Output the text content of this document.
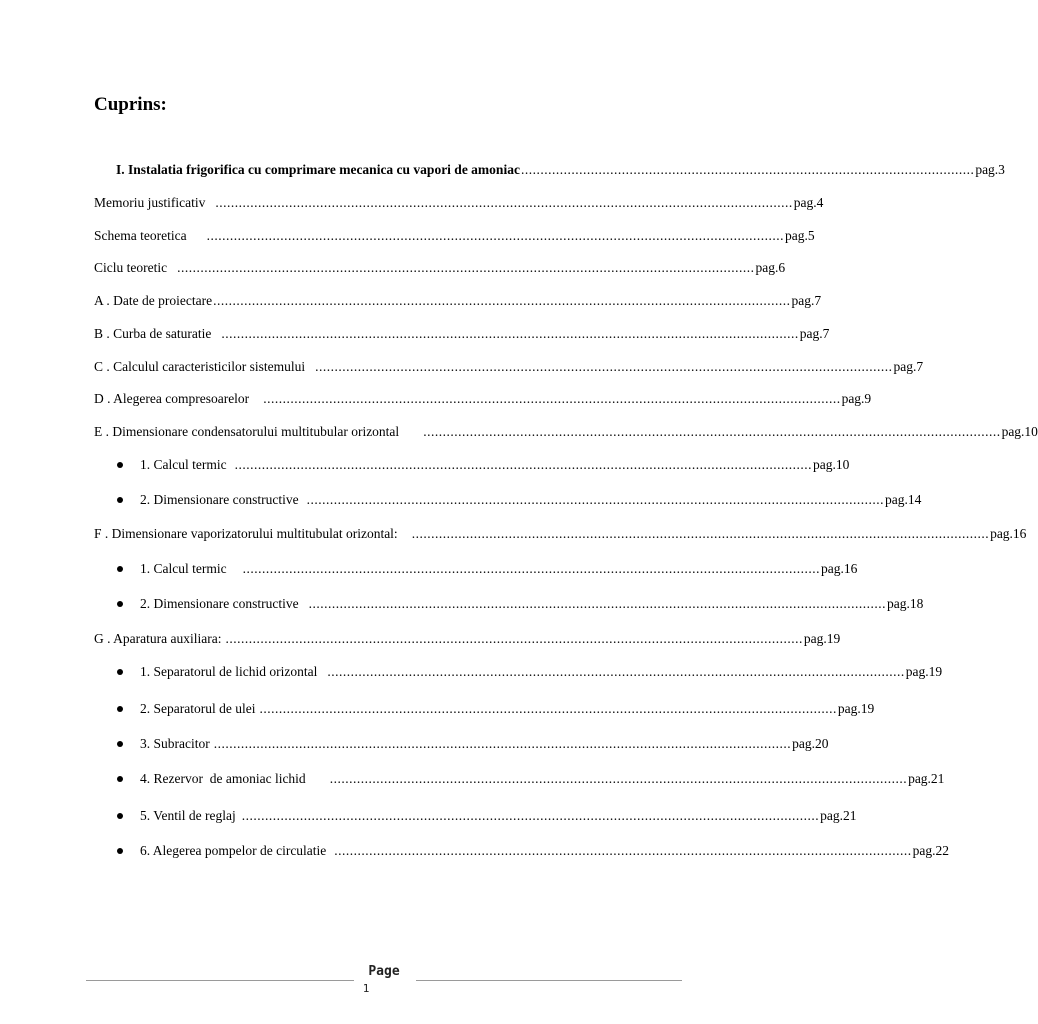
Cuprins:
I. Instalatia frigorifica cu comprimare mecanica cu vapori de amoniac ..................................................................................................................... pag.3
Memoriu justificativ ..................................................................................................................................................... pag.4
Schema teoretica ..................................................................................................................................................... pag.5
Ciclu teoretic ..................................................................................................................................................... pag.6
A . Date de proiectare ..................................................................................................................................................... pag.7
B . Curba de saturatie ..................................................................................................................................................... pag.7
C . Calculul caracteristicilor sistemului ..................................................................................................................................................... pag.7
D . Alegerea compresoarelor ..................................................................................................................................................... pag.9
E . Dimensionare condensatorului multitubular orizontal ..................................................................................................................................................... pag.10
1. Calcul termic ..................................................................................................................................................... pag.10
2. Dimensionare constructive ..................................................................................................................................................... pag.14
F . Dimensionare vaporizatorului multitubulat orizontal: ..................................................................................................................................................... pag.16
1. Calcul termic ..................................................................................................................................................... pag.16
2. Dimensionare constructive ..................................................................................................................................................... pag.18
G . Aparatura auxiliara: ..................................................................................................................................................... pag.19
1. Separatorul de lichid orizontal ..................................................................................................................................................... pag.19
2. Separatorul de ulei ..................................................................................................................................................... pag.19
3. Subracitor ..................................................................................................................................................... pag.20
4. Rezervor  de amoniac lichid ..................................................................................................................................................... pag.21
5. Ventil de reglaj ..................................................................................................................................................... pag.21
6. Alegerea pompelor de circulatie ..................................................................................................................................................... pag.22
Page
1
